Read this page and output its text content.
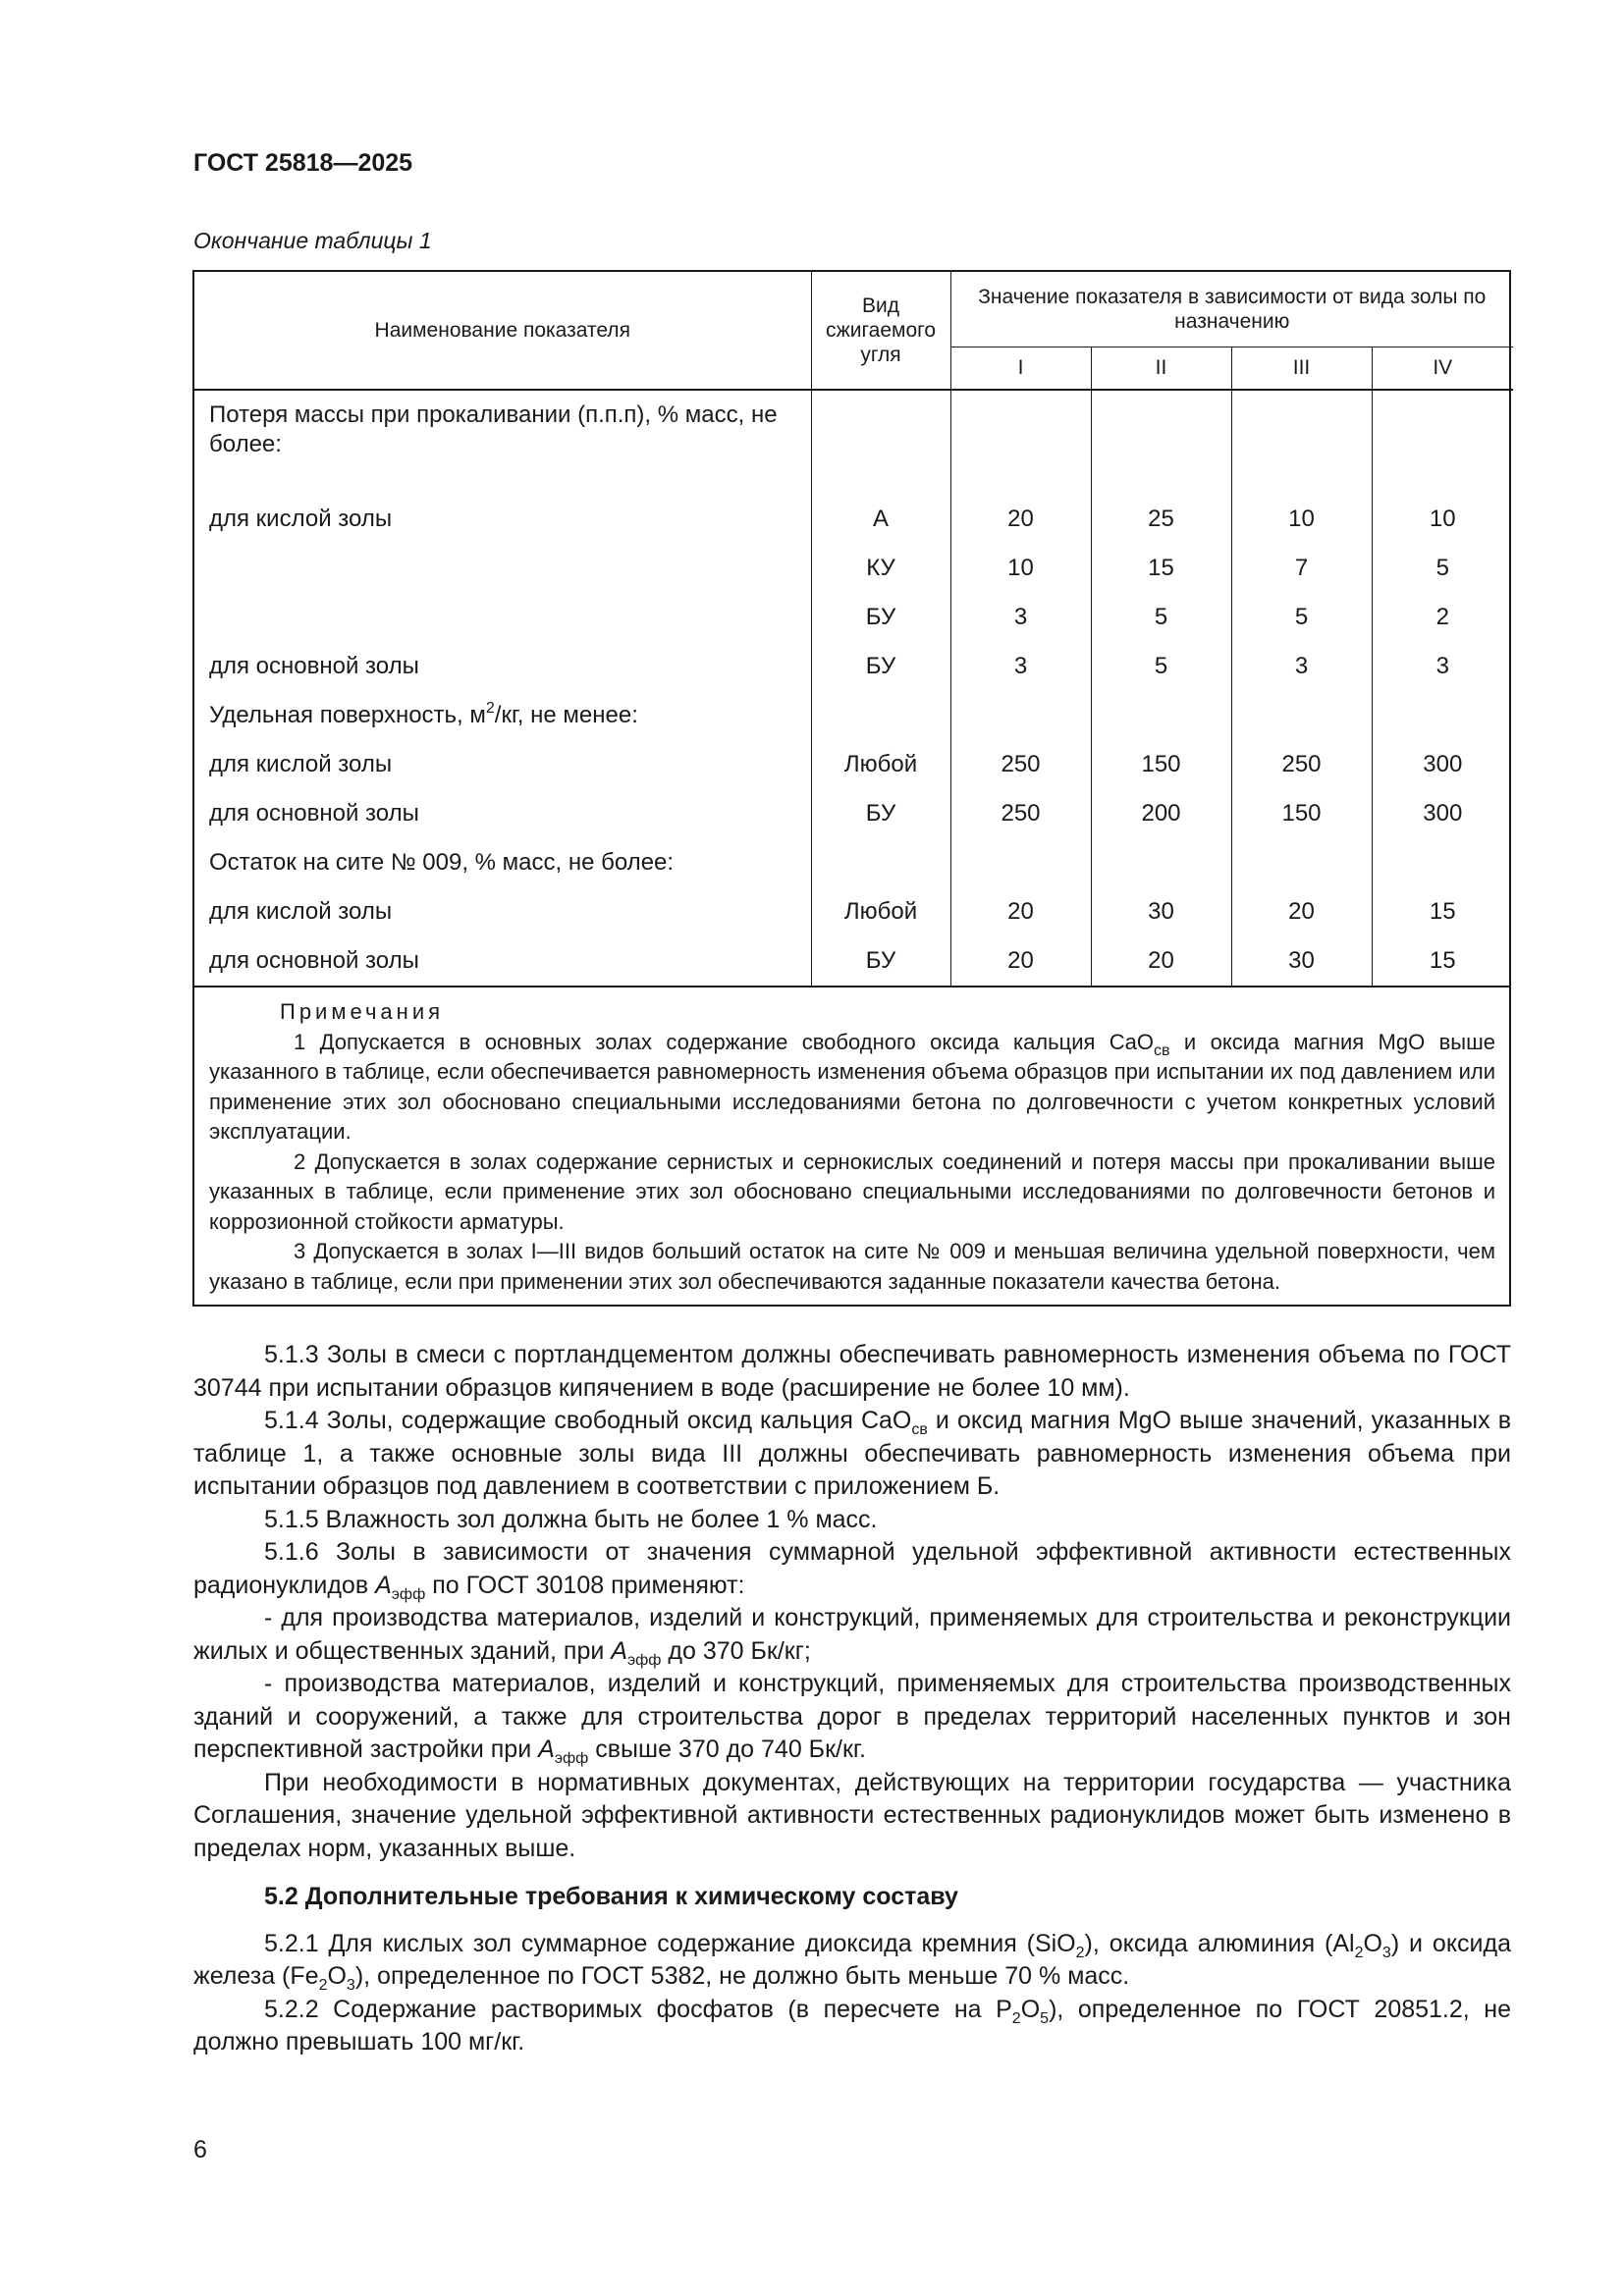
ГОСТ 25818—2025
Окончание таблицы 1
Наименование показателя	Вид сжигаемого угля	Значение показателя в зависимости от вида золы по назначению			
		I	II	III	IV
Потеря массы при прокаливании (п.п.п), % масс, не более:					
для кислой золы	А	20	25	10	10
	КУ	10	15	7	5
	БУ	3	5	5	2
для основной золы	БУ	3	5	3	3
Удельная поверхность, $м^2/кг$, не менее:					
для кислой золы	Любой	250	150	250	300
для основной золы	БУ	250	200	150	300
Остаток на сите № 009, % масс, не более:					
для кислой золы	Любой	20	30	20	15
для основной золы	БУ	20	20	30	15
Примечания

1 Допускается в основных золах содержание свободного оксида кальция CaO$_{св}$ и оксида магния MgO выше указанного в таблице, если обеспечивается равномерность изменения объема образцов при испытании их под давлением или применение этих зол обосновано специальными исследованиями бетона по долговечности с учетом конкретных условий эксплуатации.

2 Допускается в золах содержание сернистых и сернокислых соединений и потеря массы при прокаливании выше указанных в таблице, если применение этих зол обосновано специальными исследованиями по долговечности бетонов и коррозионной стойкости арматуры.

3 Допускается в золах I—III видов больший остаток на сите № 009 и меньшая величина удельной поверхности, чем указано в таблице, если при применении этих зол обеспечиваются заданные показатели качества бетона.

5.1.3 Золы в смеси с портландцементом должны обеспечивать равномерность изменения объема по ГОСТ 30744 при испытании образцов кипячением в воде (расширение не более 10 мм).

5.1.4 Золы, содержащие свободный оксид кальция CaO$_{св}$ и оксид магния MgO выше значений, указанных в таблице 1, а также основные золы вида III должны обеспечивать равномерность изменения объема при испытании образцов под давлением в соответствии с приложением Б.

5.1.5 Влажность зол должна быть не более 1 % масс.

5.1.6 Золы в зависимости от значения суммарной удельной эффективной активности естественных радионуклидов $A_{эфф}$ по ГОСТ 30108 применяют:

- для производства материалов, изделий и конструкций, применяемых для строительства и реконструкции жилых и общественных зданий, при $A_{эфф}$ до 370 Бк/кг;

- производства материалов, изделий и конструкций, применяемых для строительства производственных зданий и сооружений, а также для строительства дорог в пределах территорий населенных пунктов и зон перспективной застройки при $A_{эфф}$ свыше 370 до 740 Бк/кг.

При необходимости в нормативных документах, действующих на территории государства — участника Соглашения, значение удельной эффективной активности естественных радионуклидов может быть изменено в пределах норм, указанных выше.

5.2 Дополнительные требования к химическому составу

5.2.1 Для кислых зол суммарное содержание диоксида кремния (SiO$_2$), оксида алюминия $(Al_2O_3)$ и оксида железа $(Fe_2O_3)$, определенное по ГОСТ 5382, не должно быть меньше 70 % масс.

5.2.2 Содержание растворимых фосфатов (в пересчете на $P_2O_5$), определенное по ГОСТ 20851.2, не должно превышать 100 мг/кг.

6
